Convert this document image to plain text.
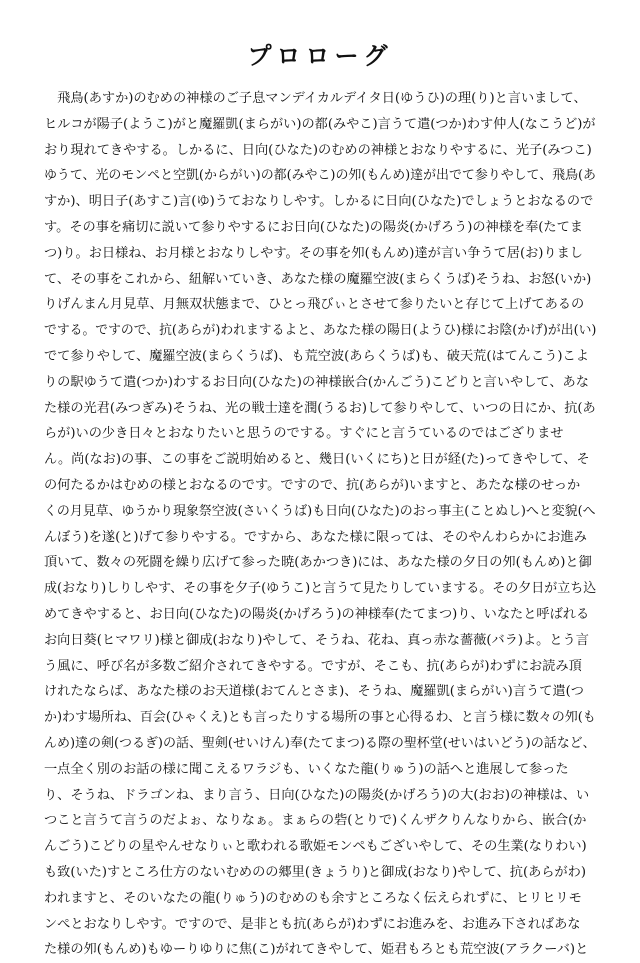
プロローグ
　飛鳥(あすか)のむめの神様のご子息マンデイカルデイタ日(ゆうひ)の理(り)と言いまして、
ヒルコが陽子(ようこ)がと魔羅凱(まらがい)の都(みやこ)言うて遣(つか)わす仲人(なこうど)が
おり現れてきやする。しかるに、日向(ひなた)のむめの神様とおなりやするに、光子(みつこ)
ゆうて、光のモンペと空凱(からがい)の都(みやこ)の夘(もんめ)達が出でて参りやして、飛鳥(あ
すか)、明日子(あすこ)言(ゆ)うておなりしやす。しかるに日向(ひなた)でしょうとおなるので
す。その事を痛切に説いて参りやするにお日向(ひなた)の陽炎(かげろう)の神様を奉(たてま
つ)り。お日様ね、お月様とおなりしやす。その事を夘(もんめ)達が言い争うて居(お)りまし
て、その事をこれから、紐解いていき、あなた様の魔羅空波(まらくうば)そうね、お怒(いか)
りげんまん月見草、月無双状態まで、ひとっ飛びぃとさせて参りたいと存じて上げてあるの
でする。ですので、抗(あらが)われまするよと、あなた様の陽日(ようひ)様にお陰(かげ)が出(い)
でて参りやして、魔羅空波(まらくうば)、も荒空波(あらくうば)も、破天荒(はてんこう)こよ
りの駅ゆうて遣(つか)わするお日向(ひなた)の神様嵌合(かんごう)こどりと言いやして、あな
た様の光君(みつぎみ)そうね、光の戦士達を潤(うるお)して参りやして、いつの日にか、抗(あ
らが)いの少き日々とおなりたいと思うのでする。すぐにと言うているのではござりませ
ん。尚(なお)の事、この事をご説明始めると、幾日(いくにち)と日が経(た)ってきやして、そ
の何たるかはむめの様とおなるのです。ですので、抗(あらが)いますと、あたな様のせっか
くの月見草、ゆうかり現象祭空波(さいくうば)も日向(ひなた)のおっ事主(ことぬし)へと変貌(へ
んぼう)を遂(と)げて参りやする。ですから、あなた様に限っては、そのやんわらかにお進み
頂いて、数々の死闘を繰り広げて参った暁(あかつき)には、あなた様の夕日の夘(もんめ)と御
成(おなり)しりしやす、その事を夕子(ゆうこ)と言うて見たりしていまする。その夕日が立ち込
めてきやすると、お日向(ひなた)の陽炎(かげろう)の神様奉(たてまつ)り、いなたと呼ばれる
お向日葵(ヒマワリ)様と御成(おなり)やして、そうね、花ね、真っ赤な薔薇(バラ)よ。とう言
う風に、呼び名が多数ご紹介されてきやする。ですが、そこも、抗(あらが)わずにお読み頂
けれたならば、あなた様のお天道様(おてんとさま)、そうね、魔羅凱(まらがい)言うて遣(つ
か)わす場所ね、百会(ひゃくえ)とも言ったりする場所の事と心得るわ、と言う様に数々の夘(も
んめ)達の剣(つるぎ)の話、聖剣(せいけん)奉(たてまつ)る際の聖杯堂(せいはいどう)の話など、
一点全く別のお話の様に聞こえるワラジも、いくなた龍(りゅう)の話へと進展して参った
り、そうね、ドラゴンね、まり言う、日向(ひなた)の陽炎(かげろう)の大(おお)の神様は、い
つこと言うて言うのだよぉ、なりなぁ。まぁらの砦(とりで)くんザクりんなりから、嵌合(か
んごう)こどりの星やんせなりぃと歌われる歌姫モンペもございやして、その生業(なりわい)
も致(いた)すところ仕方のないむめのの郷里(きょうり)と御成(おなり)やして、抗(あらがわ)
われますと、そのいなたの龍(りゅう)のむめのも余すところなく伝えられずに、ヒリヒリモ
ンぺとおなりしやす。ですので、是非とも抗(あらが)わずにお進みを、お進み下さればあな
た様の夘(もんめ)もゆーりゆりに焦(こ)がれてきやして、姫君もろとも荒空波(アラクーバ)と
